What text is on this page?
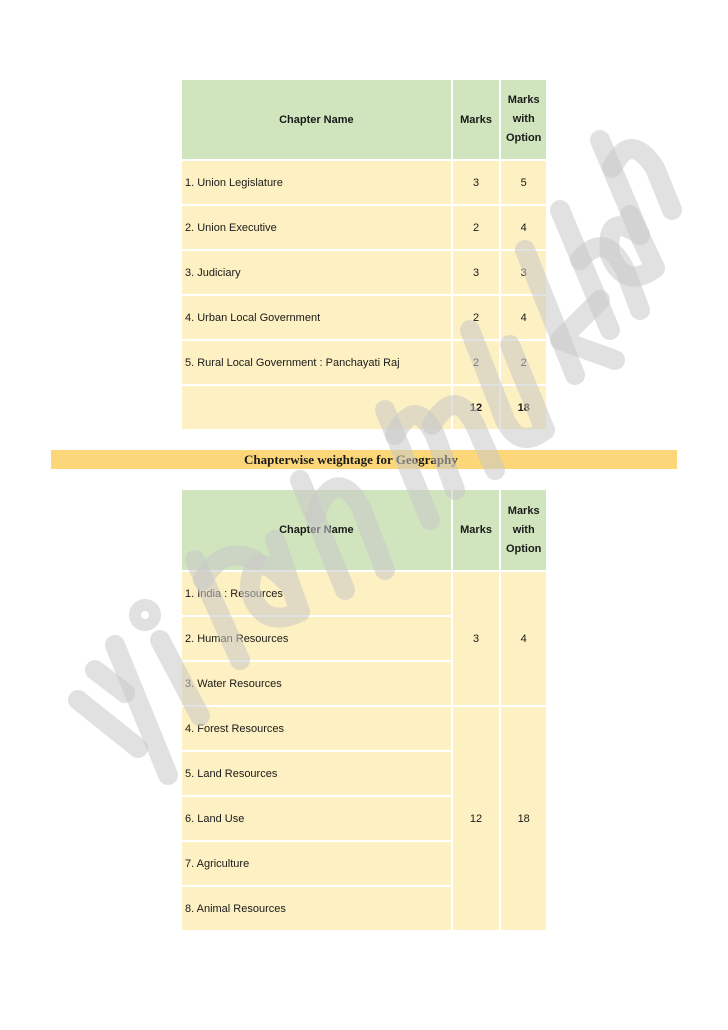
Chapter Name	Marks	Marks
with
Option

1. Union Legislature	3	5
2. Union Executive	2	4
3. Judiciary	3	3
4. Urban Local Government	2	4
5. Rural Local Government : Panchayati Raj	2	2
	12	18
Chapterwise weightage for Geography
Chapter Name	Marks	Marks
with
Option

1. India : Resources	3	4
2. Human Resources		
3. Water Resources		
4. Forest Resources	12	18
5. Land Resources		
6. Land Use		
7. Agriculture		
8. Animal Resources		
